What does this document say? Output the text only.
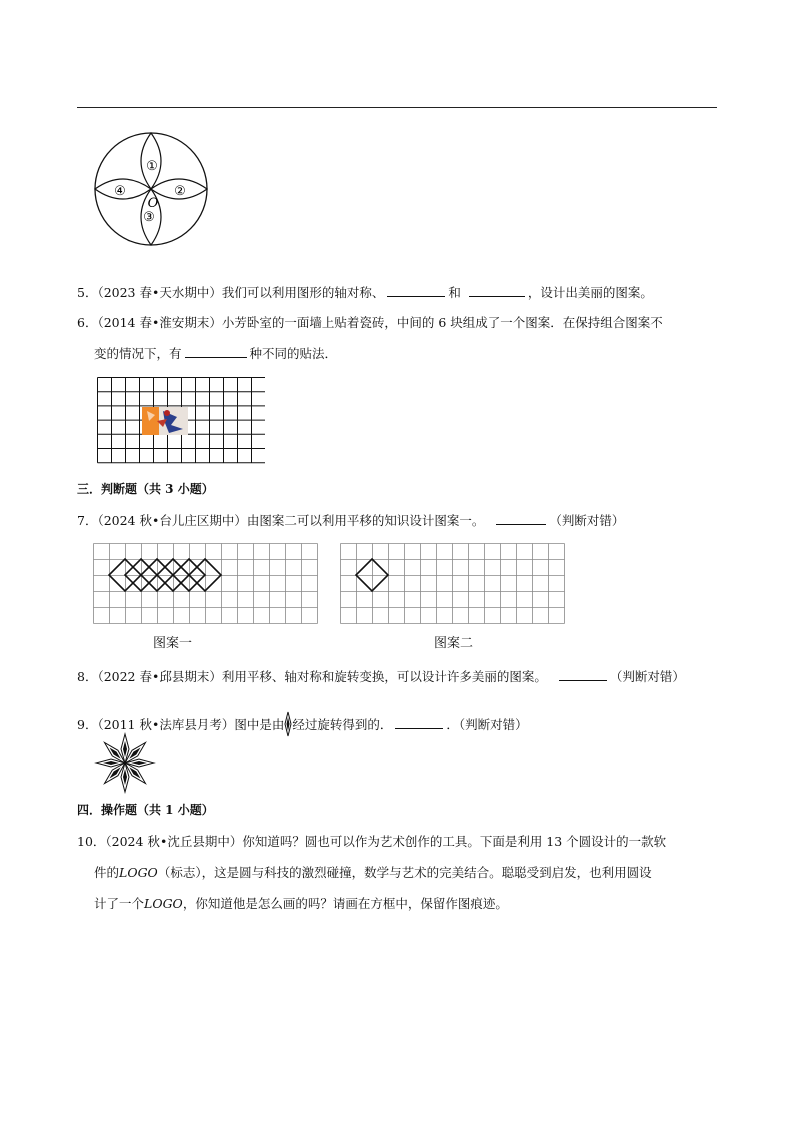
①
②
③
④
O
5．（2023 春•天水期中）我们可以利用图形的轴对称、	和	，设计出美丽的图案。
6．（2014 春•淮安期末）小芳卧室的一面墙上贴着瓷砖，中间的 6 块组成了一个图案．在保持组合图案不
变的情况下，有	种不同的贴法．
三．判断题（共 3 小题）
7．（2024 秋•台儿庄区期中）由图案二可以利用平移的知识设计图案一。	（判断对错）
图案一	图案二
8．（2022 春•邱县期末）利用平移、轴对称和旋转变换，可以设计许多美丽的图案。	（判断对错）
9．（2011 秋•法库县月考）图中是由 经过旋转得到的．	．（判断对错）
四．操作题（共 1 小题）
10．（2024 秋•沈丘县期中）你知道吗？圆也可以作为艺术创作的工具。下面是利用 13 个圆设计的一款软
件的LOGO（标志），这是圆与科技的激烈碰撞，数学与艺术的完美结合。聪聪受到启发，也利用圆设
计了一个LOGO，你知道他是怎么画的吗？请画在方框中，保留作图痕迹。
